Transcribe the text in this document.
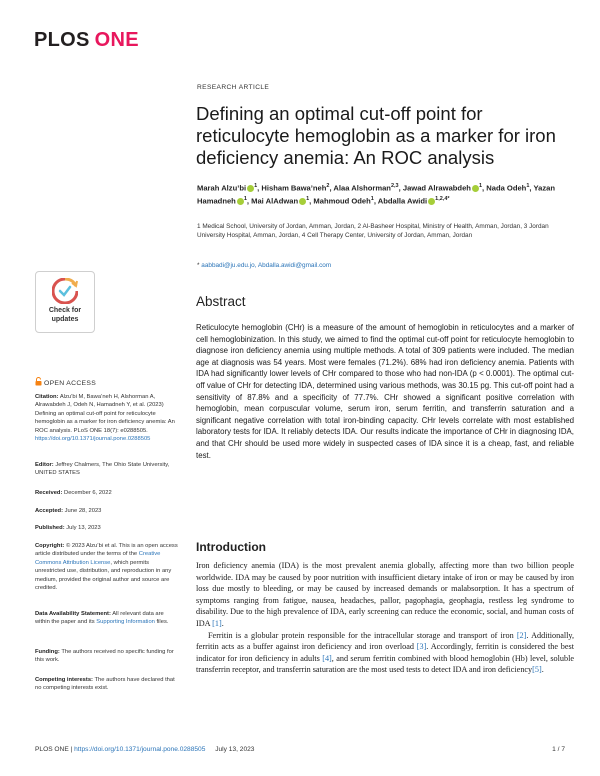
PLOS ONE
RESEARCH ARTICLE
Defining an optimal cut-off point for reticulocyte hemoglobin as a marker for iron deficiency anemia: An ROC analysis
Marah Alzu’bi $^1$, Hisham Bawa’neh$^2$, Alaa Alshorman$^{2,3}$, Jawad Alrawabdeh $^1$, Nada Odeh$^1$, Yazan Hamadneh $^1$, Mai AlAdwan $^1$, Mahmoud Odeh$^1$, Abdalla Awidi $^{1,2,4*}$
1 Medical School, University of Jordan, Amman, Jordan, 2 Al-Basheer Hospital, Ministry of Health, Amman, Jordan, 3 Jordan University Hospital, Amman, Jordan, 4 Cell Therapy Center, University of Jordan, Amman, Jordan
* aabbadi@ju.edu.jo, Abdalla.awidi@gmail.com
Check for
updates
OPEN ACCESS
Citation: Alzu’bi M, Bawa’neh H, Alshorman A, Alrawabdeh J, Odeh N, Hamadneh Y, et al. (2023) Defining an optimal cut-off point for reticulocyte hemoglobin as a marker for iron deficiency anemia: An ROC analysis. PLoS ONE 18(7): e0288505. https://doi.org/10.1371/journal.pone.0288505
Editor: Jeffrey Chalmers, The Ohio State University, UNITED STATES
Received: December 6, 2022
Accepted: June 28, 2023
Published: July 13, 2023
Copyright: © 2023 Alzu’bi et al. This is an open access article distributed under the terms of the Creative Commons Attribution License, which permits unrestricted use, distribution, and reproduction in any medium, provided the original author and source are credited.
Data Availability Statement: All relevant data are within the paper and its Supporting Information files.
Funding: The authors received no specific funding for this work.
Competing interests: The authors have declared that no competing interests exist.
Abstract
Reticulocyte hemoglobin (CHr) is a measure of the amount of hemoglobin in reticulocytes and a marker of cell hemoglobinization. In this study, we aimed to find the optimal cut-off point for reticulocyte hemoglobin to diagnose iron deficiency anemia using multiple methods. A total of 309 patients were included. The median age at diagnosis was 54 years. Most were females (71.2%). 68% had iron deficiency anemia. Patients with IDA had significantly lower levels of CHr compared to those who had non-IDA (p < 0.0001). The optimal cut-off value of CHr for detecting IDA, determined using various methods, was 30.15 pg. This cut-off point had a sensitivity of 87.8% and a specificity of 77.7%. CHr showed a significant positive correlation with hemoglobin, mean corpuscular volume, serum iron, serum ferritin, and transferrin saturation and a significant negative correlation with total iron-binding capacity. CHr levels correlate with most established laboratory tests for IDA. It reliably detects IDA. Our results indicate the importance of CHr in diagnosing IDA, and that CHr should be used more widely in suspected cases of IDA since it is a cheap, fast, and reliable test.
Introduction

Iron deficiency anemia (IDA) is the most prevalent anemia globally, affecting more than two billion people worldwide. IDA may be caused by poor nutrition with insufficient dietary intake of iron or may be caused by iron loss due mostly to bleeding, or may be caused by increased demands or malabsorption. It has a spectrum of symptoms ranging from fatigue, nausea, headaches, pallor, pagophagia, geophagia, restless leg syndrome to disability. Due to the high prevalence of IDA, early screening can reduce the economic, social, and human costs of IDA [1].

Ferritin is a globular protein responsible for the intracellular storage and transport of iron [2]. Additionally, ferritin acts as a buffer against iron deficiency and iron overload [3]. Accordingly, ferritin is considered the best indicator for iron deficiency in adults [4], and serum ferritin combined with blood hemoglobin (Hb) level, soluble transferrin receptor, and transferrin saturation are the most used tests to detect IDA and iron deficiency[5].

PLOS ONE | https://doi.org/10.1371/journal.pone.0288505 July 13, 2023	1 / 7
